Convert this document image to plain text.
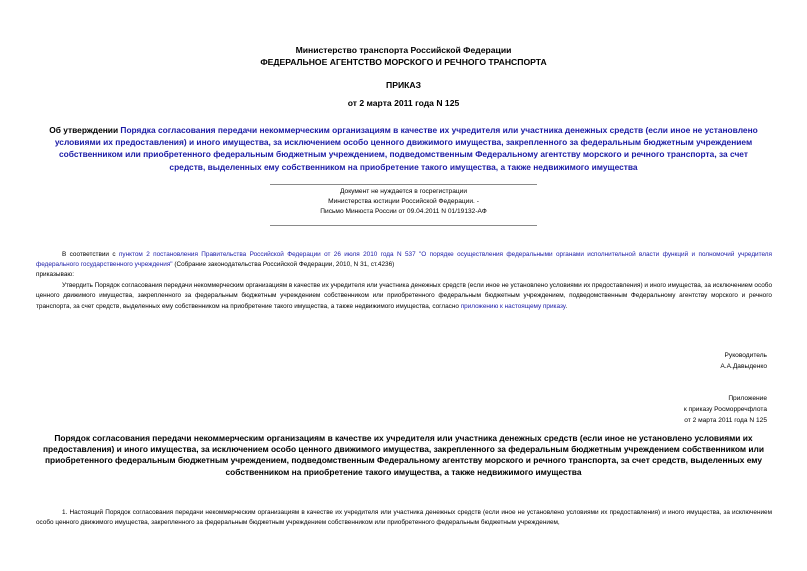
Министерство транспорта Российской Федерации
ФЕДЕРАЛЬНОЕ АГЕНТСТВО МОРСКОГО И РЕЧНОГО ТРАНСПОРТА
ПРИКАЗ
от 2 марта 2011 года N 125
Об утверждении Порядка согласования передачи некоммерческим организациям в качестве их учредителя или участника денежных средств (если иное не установлено условиями их предоставления) и иного имущества, за исключением особо ценного движимого имущества, закрепленного за федеральным бюджетным учреждением собственником или приобретенного федеральным бюджетным учреждением, подведомственным Федеральному агентству морского и речного транспорта, за счет средств, выделенных ему собственником на приобретение такого имущества, а также недвижимого имущества
Документ не нуждается в госрегистрации
Министерства юстиции Российской Федерации. -
Письмо Минюста России от 09.04.2011 N 01/19132-АФ
В соответствии с пунктом 2 постановления Правительства Российской Федерации от 26 июля 2010 года N 537 "О порядке осуществления федеральными органами исполнительной власти функций и полномочий учредителя федерального государственного учреждения" (Собрание законодательства Российской Федерации, 2010, N 31, ст.4236)
приказываю:
Утвердить Порядок согласования передачи некоммерческим организациям в качестве их учредителя или участника денежных средств (если иное не установлено условиями их предоставления) и иного имущества, за исключением особо ценного движимого имущества, закрепленного за федеральным бюджетным учреждением собственником или приобретенного федеральным бюджетным учреждением, подведомственным Федеральному агентству морского и речного транспорта, за счет средств, выделенных ему собственником на приобретение такого имущества, а также недвижимого имущества, согласно приложению к настоящему приказу.
Руководитель
А.А.Давыденко
Приложение
к приказу Росморречфлота
от 2 марта 2011 года N 125
Порядок согласования передачи некоммерческим организациям в качестве их учредителя или участника денежных средств (если иное не установлено условиями их предоставления) и иного имущества, за исключением особо ценного движимого имущества, закрепленного за федеральным бюджетным учреждением собственником или приобретенного федеральным бюджетным учреждением, подведомственным Федеральному агентству морского и речного транспорта, за счет средств, выделенных ему собственником на приобретение такого имущества, а также недвижимого имущества
1. Настоящий Порядок согласования передачи некоммерческим организациям в качестве их учредителя или участника денежных средств (если иное не установлено условиями их предоставления) и иного имущества, за исключением особо ценного движимого имущества, закрепленного за федеральным бюджетным учреждением собственником или приобретенного федеральным бюджетным учреждением,
